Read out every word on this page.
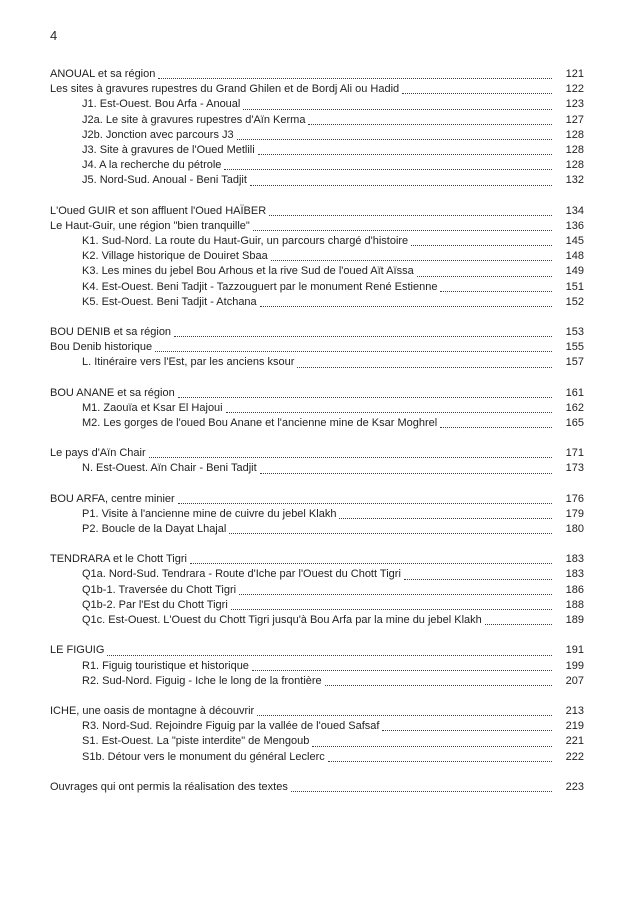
4
ANOUAL et sa région	121
Les sites à gravures rupestres du Grand Ghilen et de Bordj Ali ou Hadid	122
J1. Est-Ouest. Bou Arfa - Anoual	123
J2a. Le site à gravures rupestres d'Aïn Kerma	127
J2b. Jonction avec parcours J3	128
J3. Site à gravures de l'Oued Metlili	128
J4. A la recherche du pétrole	128
J5. Nord-Sud. Anoual - Beni Tadjit	132
L'Oued GUIR et son affluent l'Oued HAÏBER	134
Le Haut-Guir, une région "bien tranquille"	136
K1. Sud-Nord. La route du Haut-Guir, un parcours chargé d'histoire	145
K2. Village historique de Douiret Sbaa	148
K3. Les mines du jebel Bou Arhous et la rive Sud de l'oued Aït Aïssa	149
K4. Est-Ouest. Beni Tadjit - Tazzouguert par le monument René Estienne	151
K5. Est-Ouest. Beni Tadjit - Atchana	152
BOU DENIB et sa région	153
Bou Denib historique	155
L. Itinéraire vers l'Est, par les anciens ksour	157
BOU ANANE et sa région	161
M1. Zaouïa et Ksar El Hajoui	162
M2. Les gorges de l'oued Bou Anane et l'ancienne mine de Ksar Moghrel	165
Le pays d'Aïn Chair	171
N. Est-Ouest. Aïn Chair - Beni Tadjit	173
BOU ARFA, centre minier	176
P1. Visite à l'ancienne mine de cuivre du jebel Klakh	179
P2. Boucle de la Dayat Lhajal	180
TENDRARA et le Chott Tigri	183
Q1a. Nord-Sud. Tendrara - Route d'Iche par l'Ouest du Chott Tigri	183
Q1b-1. Traversée du Chott Tigri	186
Q1b-2. Par l'Est du Chott Tigri	188
Q1c. Est-Ouest. L'Ouest du Chott Tigri jusqu'à Bou Arfa par la mine du jebel Klakh	189
LE FIGUIG	191
R1. Figuig touristique et historique	199
R2. Sud-Nord. Figuig - Iche le long de la frontière	207
ICHE, une oasis de montagne à découvrir	213
R3. Nord-Sud. Rejoindre Figuig par la vallée de l'oued Safsaf	219
S1. Est-Ouest. La "piste interdite" de Mengoub	221
S1b. Détour vers le monument du général Leclerc	222
Ouvrages qui ont permis la réalisation des textes	223
